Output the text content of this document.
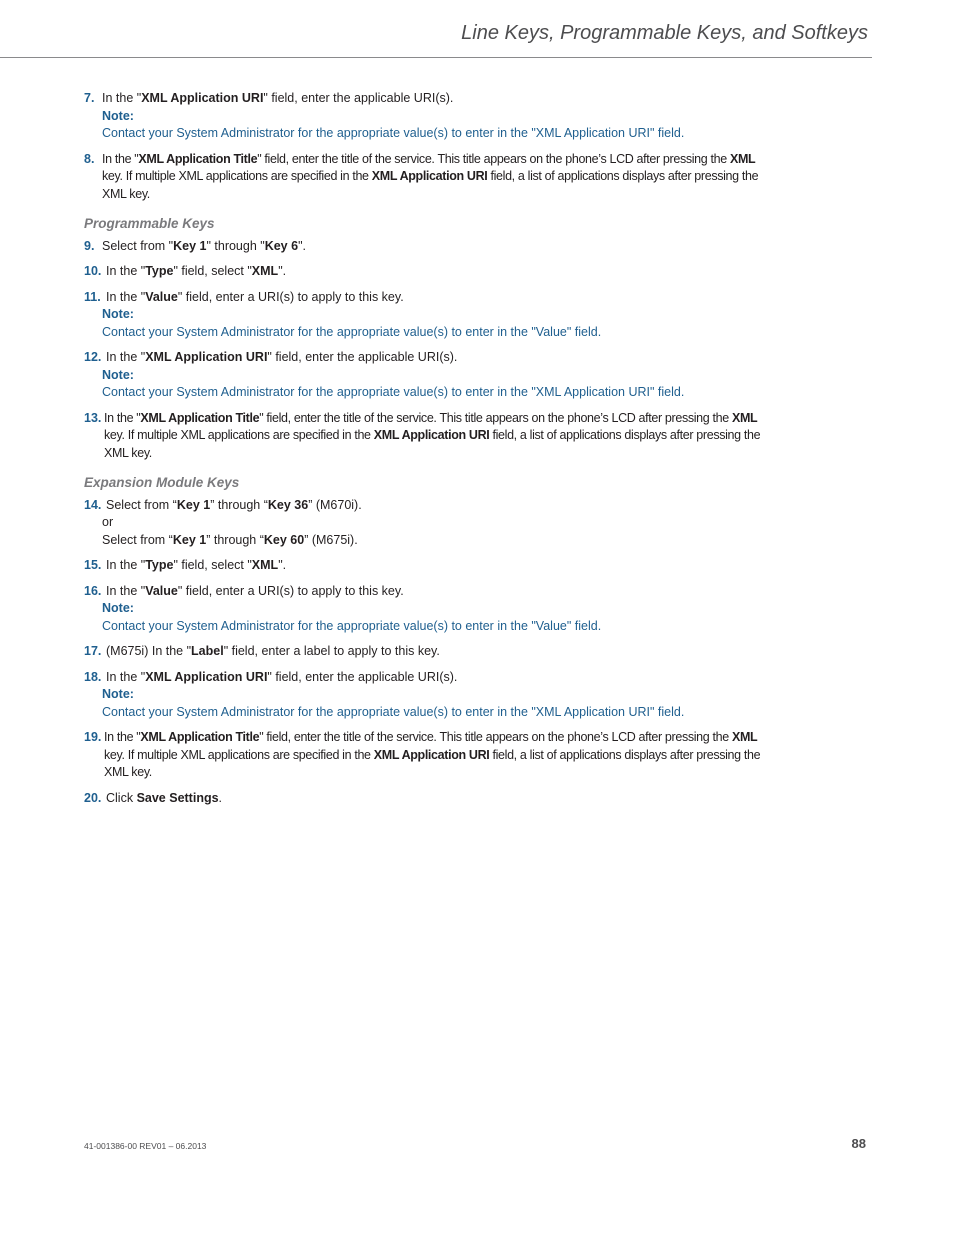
Line Keys, Programmable Keys, and Softkeys
7. In the "XML Application URI" field, enter the applicable URI(s).
Note:
Contact your System Administrator for the appropriate value(s) to enter in the "XML Application URI" field.
8. In the "XML Application Title" field, enter the title of the service. This title appears on the phone’s LCD after pressing the XML key. If multiple XML applications are specified in the XML Application URI field, a list of applications displays after pressing the XML key.
Programmable Keys
9. Select from "Key 1" through "Key 6".
10. In the "Type" field, select "XML".
11. In the "Value" field, enter a URI(s) to apply to this key.
Note:
Contact your System Administrator for the appropriate value(s) to enter in the "Value" field.
12. In the "XML Application URI" field, enter the applicable URI(s).
Note:
Contact your System Administrator for the appropriate value(s) to enter in the "XML Application URI" field.
13. In the "XML Application Title" field, enter the title of the service. This title appears on the phone’s LCD after pressing the XML key. If multiple XML applications are specified in the XML Application URI field, a list of applications displays after pressing the XML key.
Expansion Module Keys
14. Select from “Key 1” through “Key 36” (M670i).
or
Select from “Key 1” through “Key 60” (M675i).
15. In the "Type" field, select "XML".
16. In the "Value" field, enter a URI(s) to apply to this key.
Note:
Contact your System Administrator for the appropriate value(s) to enter in the "Value" field.
17. (M675i) In the "Label" field, enter a label to apply to this key.
18. In the "XML Application URI" field, enter the applicable URI(s).
Note:
Contact your System Administrator for the appropriate value(s) to enter in the "XML Application URI" field.
19. In the "XML Application Title" field, enter the title of the service. This title appears on the phone’s LCD after pressing the XML key. If multiple XML applications are specified in the XML Application URI field, a list of applications displays after pressing the XML key.
20. Click Save Settings.
41-001386-00 REV01 – 06.2013	88
